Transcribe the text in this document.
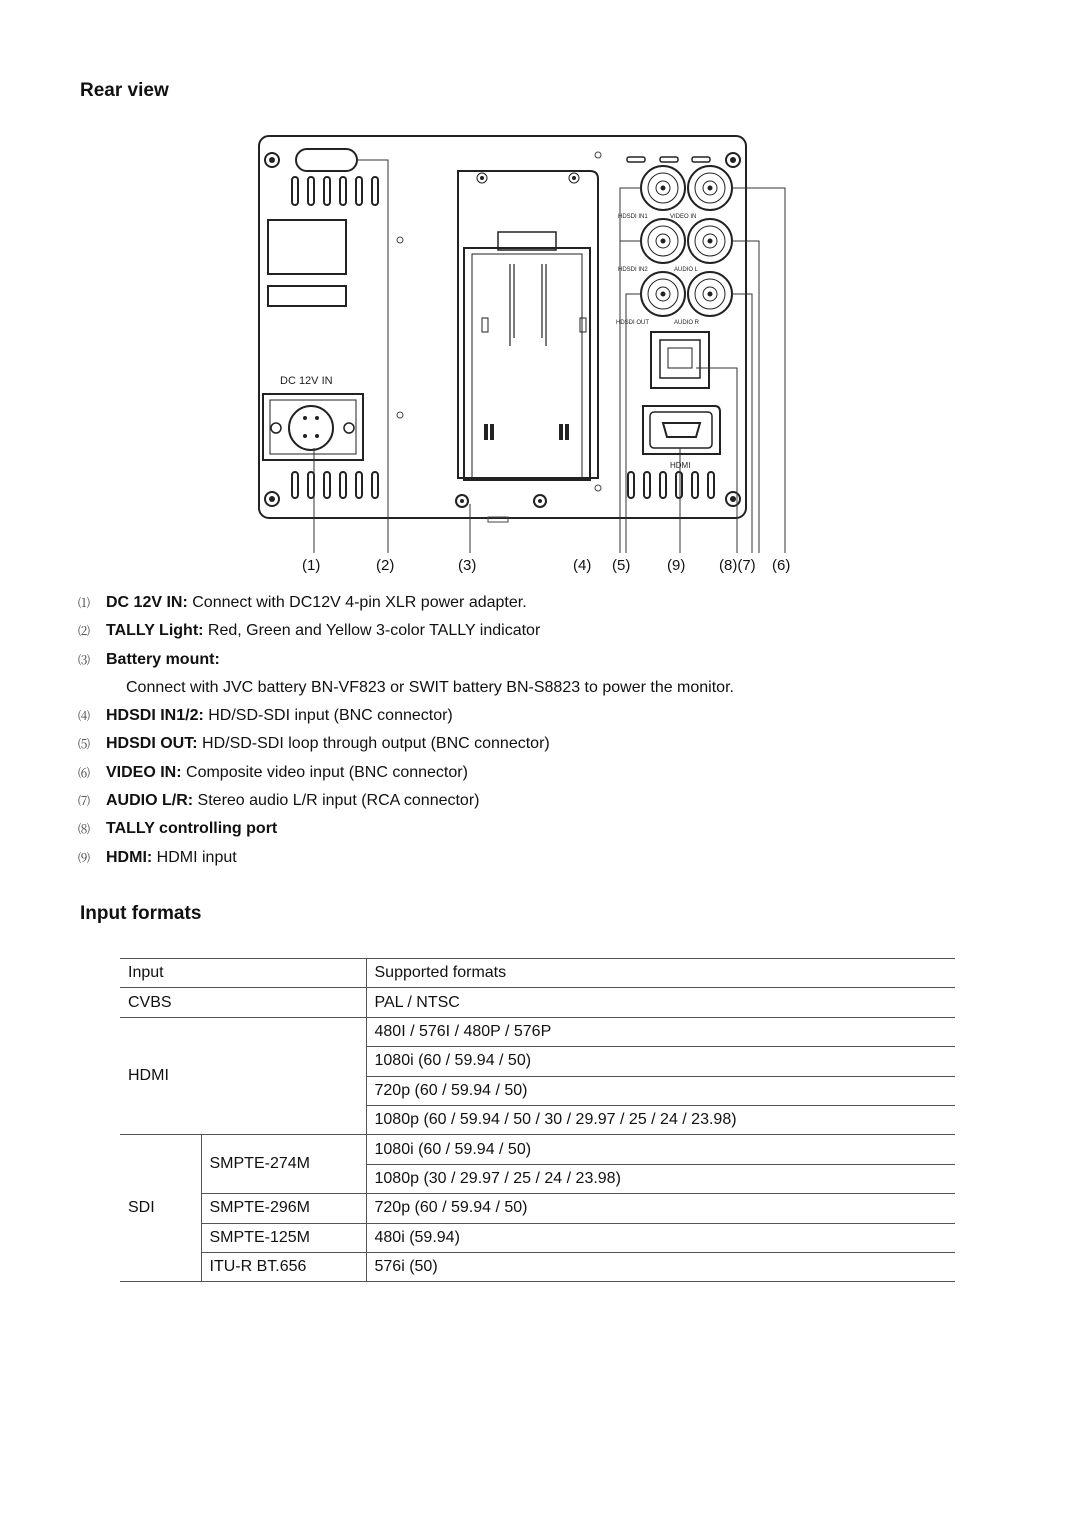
Rear view
DC 12V IN
HDSDI IN1	VIDEO IN
HDSDI IN2	AUDIO L
HDSDI OUT	AUDIO R
HDMI
(1)	(2)	(3)	(4) (5) (9) (8)(7) (6)
⑴ DC 12V IN: Connect with DC12V 4-pin XLR power adapter.
⑵ TALLY Light: Red, Green and Yellow 3-color TALLY indicator
⑶ Battery mount:
Connect with JVC battery BN-VF823 or SWIT battery BN-S8823 to power the monitor.
⑷ HDSDI IN1/2: HD/SD-SDI input (BNC connector)
⑸ HDSDI OUT: HD/SD-SDI loop through output (BNC connector)
⑹ VIDEO IN: Composite video input (BNC connector)
⑺ AUDIO L/R: Stereo audio L/R input (RCA connector)
⑻ TALLY controlling port
⑼ HDMI: HDMI input
Input formats
Input		Supported formats
CVBS		PAL / NTSC
HDMI		480I / 576I / 480P / 576P
		1080i (60 / 59.94 / 50)
		720p (60 / 59.94 / 50)
		1080p (60 / 59.94 / 50 / 30 / 29.97 / 25 / 24 / 23.98)
SDI	SMPTE-274M	1080i (60 / 59.94 / 50)
		1080p (30 / 29.97 / 25 / 24 / 23.98)
	SMPTE-296M	720p (60 / 59.94 / 50)
	SMPTE-125M	480i (59.94)
	ITU-R BT.656	576i (50)
